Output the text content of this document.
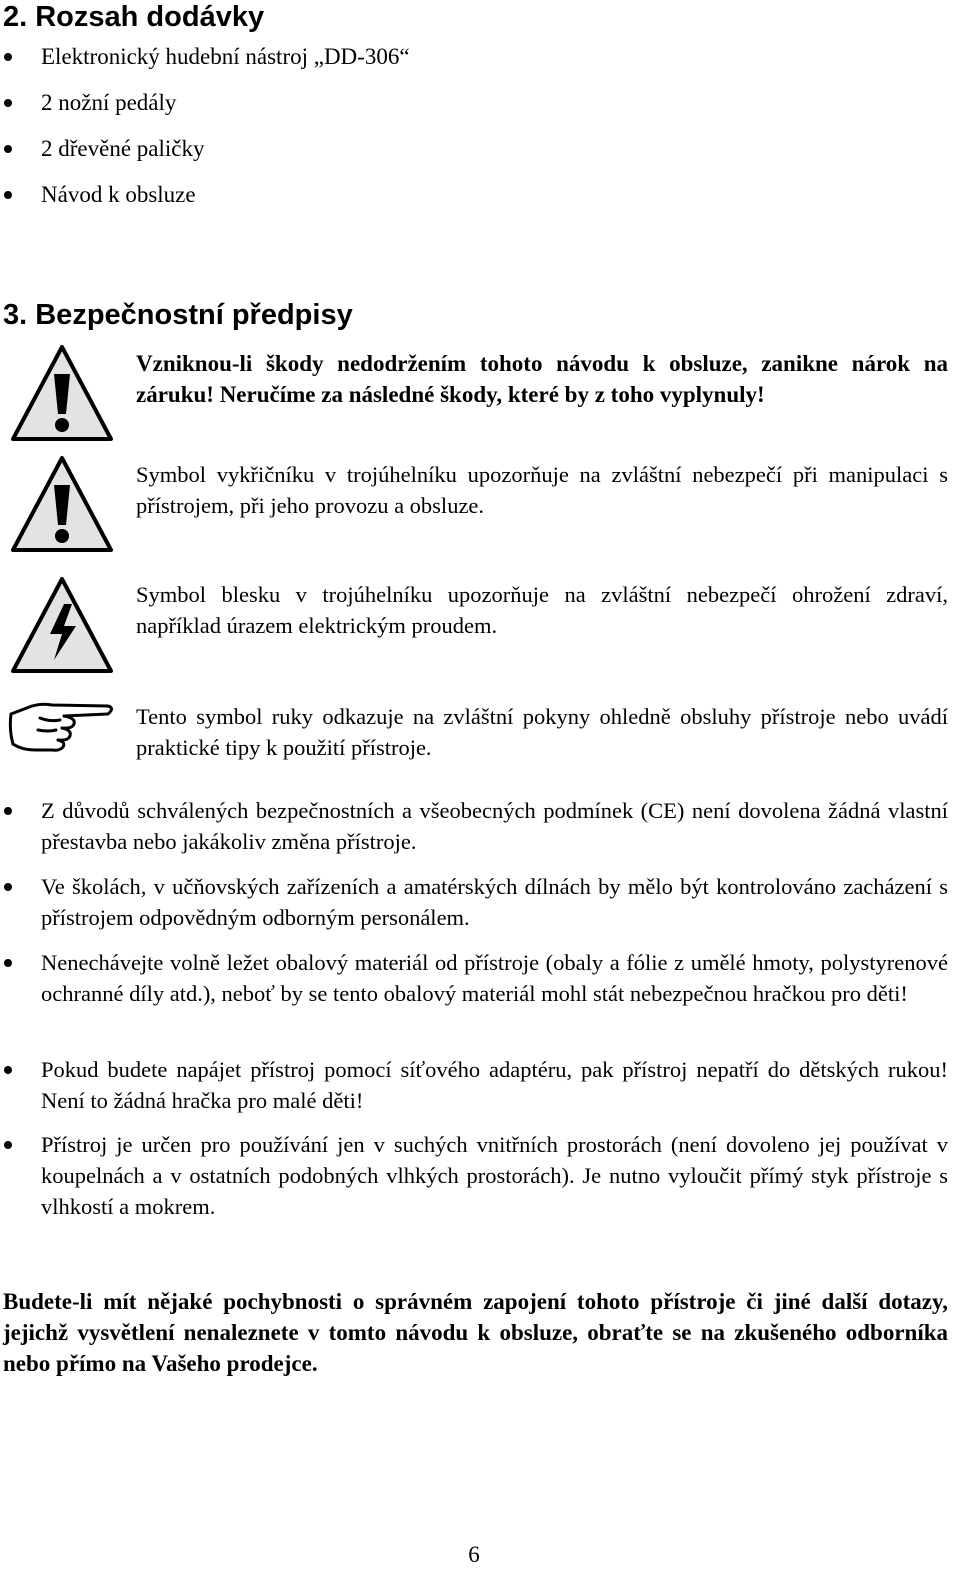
2. Rozsah dodávky
Elektronický hudební nástroj „DD-306“
2 nožní pedály
2 dřevěné paličky
Návod k obsluze
3. Bezpečnostní předpisy

Vzniknou-li škody nedodržením tohoto návodu k obsluze, zanikne nárok na záruku! Neručíme za následné škody, které by z toho vyplynuly!

Symbol vykřičníku v trojúhelníku upozorňuje na zvláštní nebezpečí při manipulaci s přístrojem, při jeho provozu a obsluze.

Symbol blesku v trojúhelníku upozorňuje na zvláštní nebezpečí ohrožení zdraví, například úrazem elektrickým proudem.

Tento symbol ruky odkazuje na zvláštní pokyny ohledně obsluhy přístroje nebo uvádí praktické tipy k použití přístroje.

Z důvodů schválených bezpečnostních a všeobecných podmínek (CE) není dovolena žádná vlastní přestavba nebo jakákoliv změna přístroje.
Ve školách, v učňovských zařízeních a amatérských dílnách by mělo být kontrolováno zacházení s přístrojem odpovědným odborným personálem.
Nenechávejte volně ležet obalový materiál od přístroje (obaly a fólie z umělé hmoty, polystyrenové ochranné díly atd.), neboť by se tento obalový materiál mohl stát nebezpečnou hračkou pro děti!
Pokud budete napájet přístroj pomocí síťového adaptéru, pak přístroj nepatří do dětských rukou! Není to žádná hračka pro malé děti!
Přístroj je určen pro používání jen v suchých vnitřních prostorách (není dovoleno jej používat v koupelnách a v ostatních podobných vlhkých prostorách). Je nutno vyloučit přímý styk přístroje s vlhkostí a mokrem.

Budete-li mít nějaké pochybnosti o správném zapojení tohoto přístroje či jiné další dotazy, jejichž vysvětlení nenaleznete v tomto návodu k obsluze, obraťte se na zkušeného odborníka nebo přímo na Vašeho prodejce.

6
